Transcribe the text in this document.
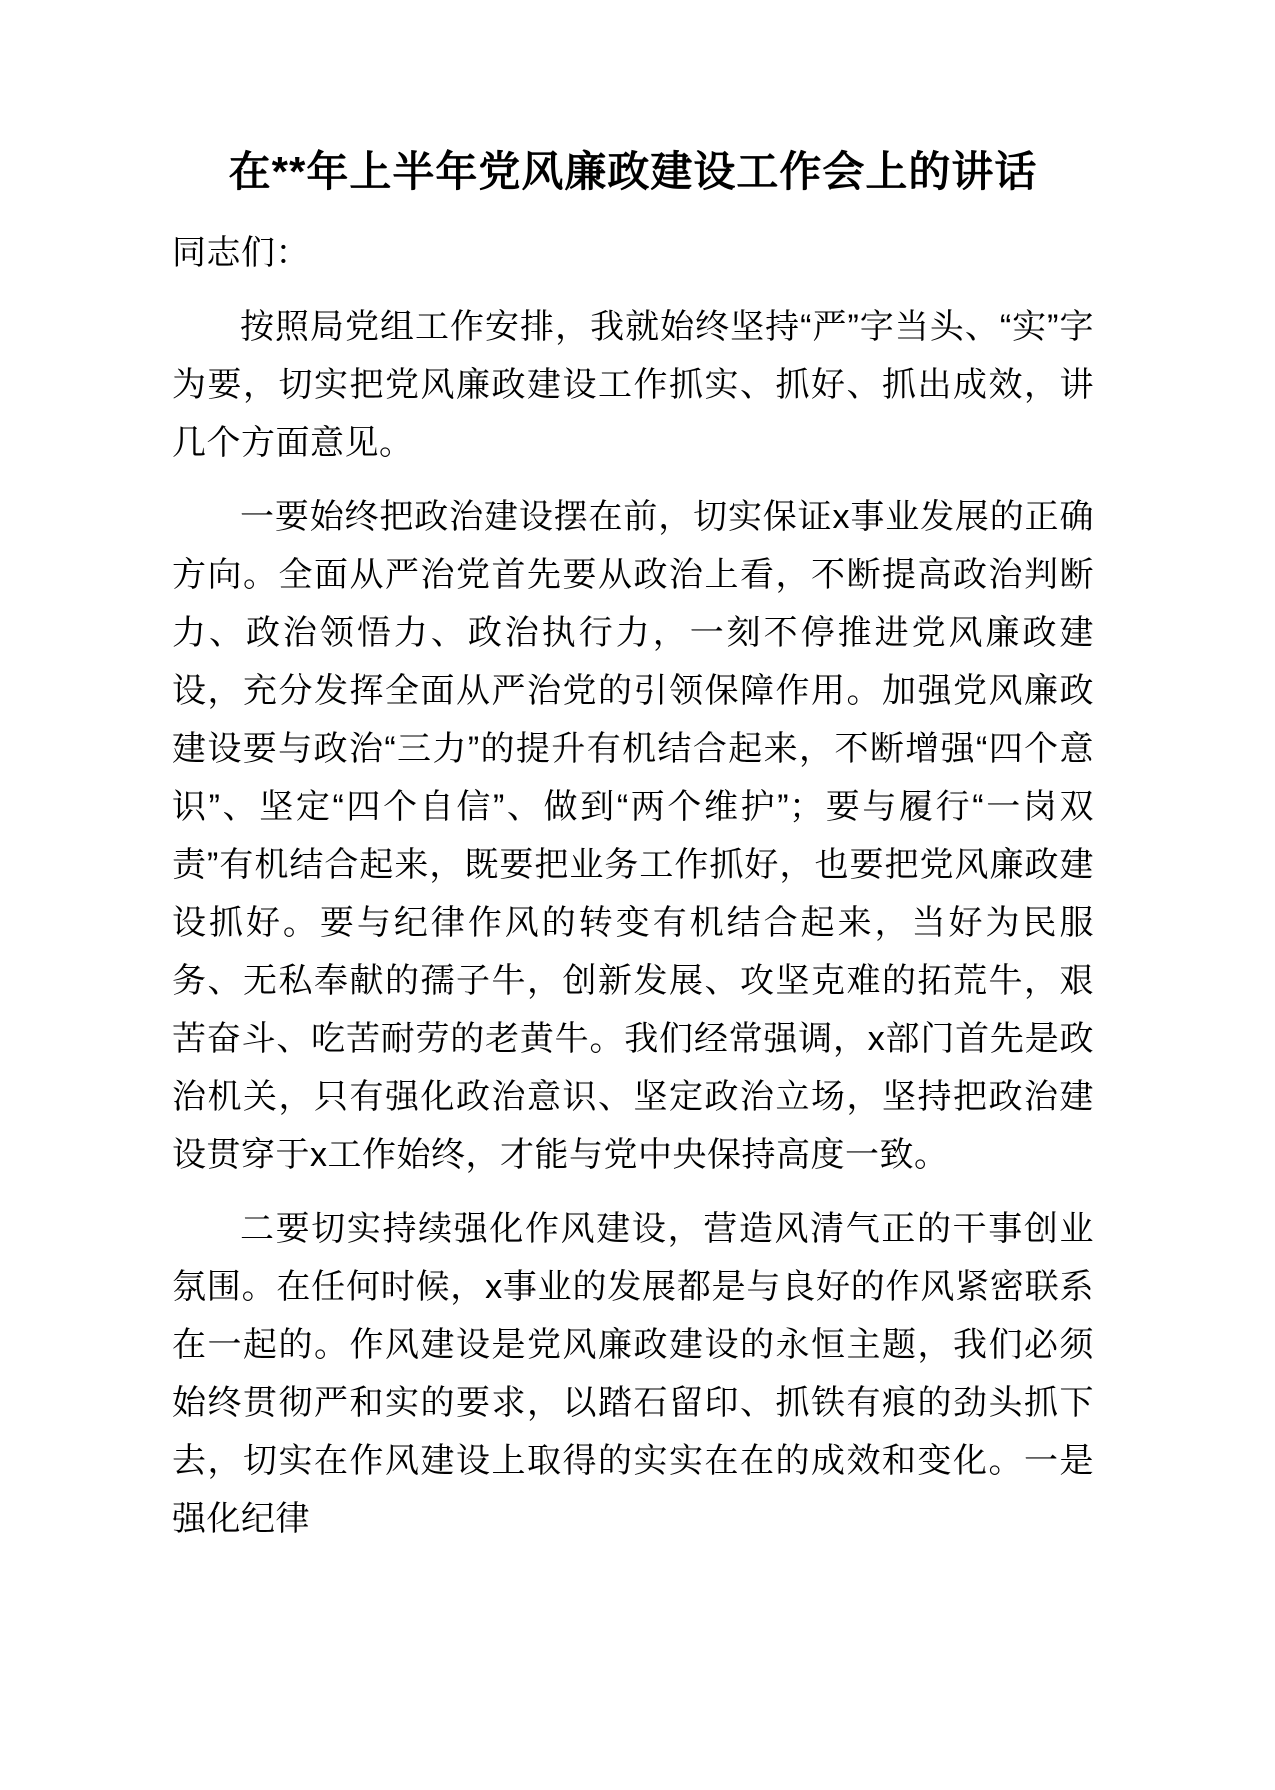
在**年上半年党风廉政建设工作会上的讲话

同志们：

按照局党组工作安排，我就始终坚持“严”字当头、“实”字为要，切实把党风廉政建设工作抓实、抓好、抓出成效，讲几个方面意见。

一要始终把政治建设摆在前，切实保证x事业发展的正确方向。全面从严治党首先要从政治上看，不断提高政治判断力、政治领悟力、政治执行力，一刻不停推进党风廉政建设，充分发挥全面从严治党的引领保障作用。加强党风廉政建设要与政治“三力”的提升有机结合起来，不断增强“四个意识”、坚定“四个自信”、做到“两个维护”；要与履行“一岗双责”有机结合起来，既要把业务工作抓好，也要把党风廉政建设抓好。要与纪律作风的转变有机结合起来，当好为民服务、无私奉献的孺子牛，创新发展、攻坚克难的拓荒牛，艰苦奋斗、吃苦耐劳的老黄牛。我们经常强调，x部门首先是政治机关，只有强化政治意识、坚定政治立场，坚持把政治建设贯穿于x工作始终，才能与党中央保持高度一致。

二要切实持续强化作风建设，营造风清气正的干事创业氛围。在任何时候，x事业的发展都是与良好的作风紧密联系在一起的。作风建设是党风廉政建设的永恒主题，我们必须始终贯彻严和实的要求，以踏石留印、抓铁有痕的劲头抓下去，切实在作风建设上取得的实实在在的成效和变化。一是强化纪律
